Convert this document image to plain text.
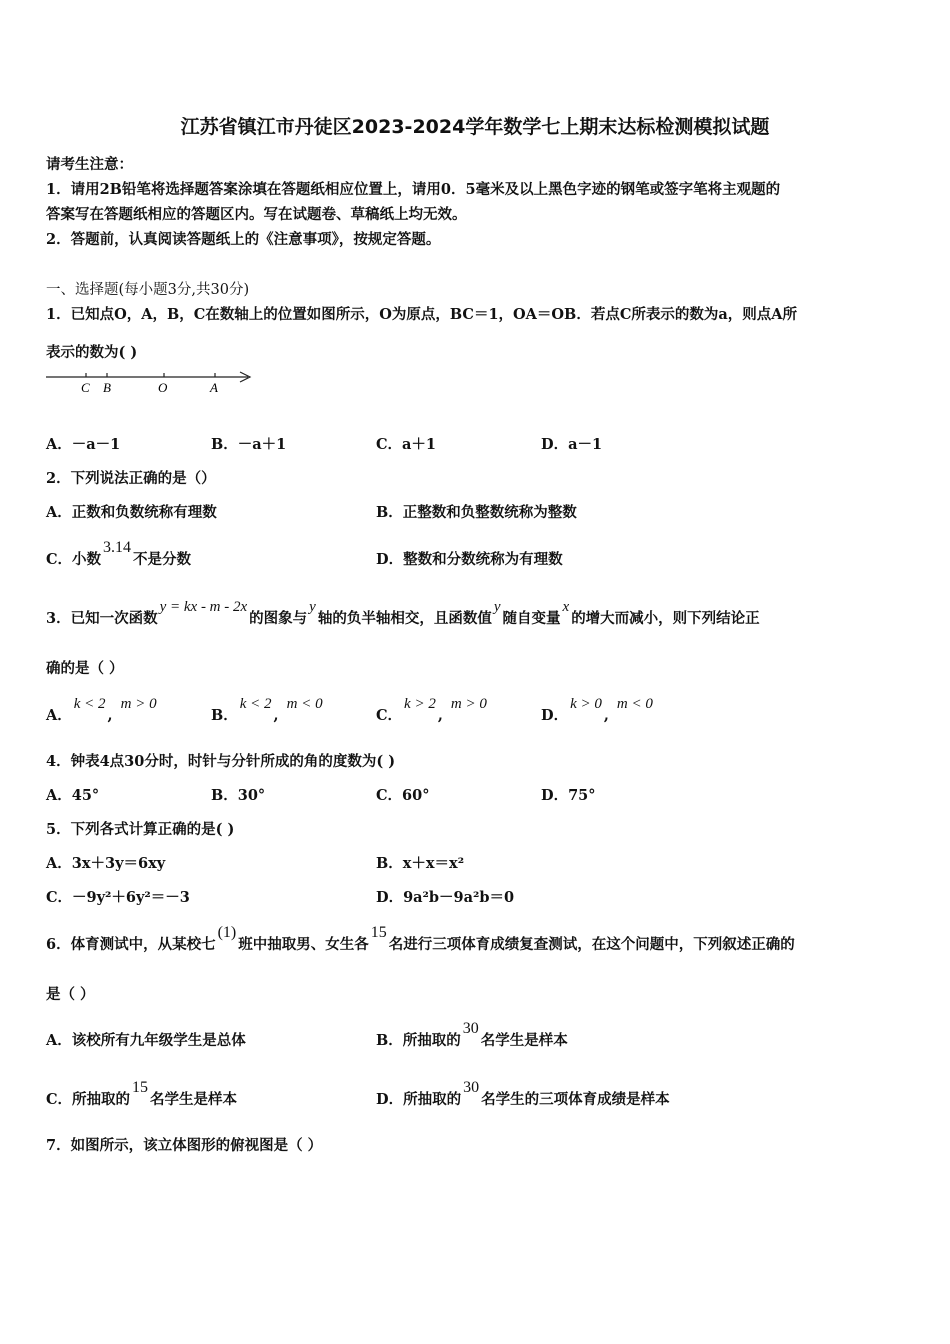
江苏省镇江市丹徒区2023-2024学年数学七上期末达标检测模拟试题
请考生注意：
1．请用2B铅笔将选择题答案涂填在答题纸相应位置上，请用0．5毫米及以上黑色字迹的钢笔或签字笔将主观题的
答案写在答题纸相应的答题区内。写在试题卷、草稿纸上均无效。
2．答题前，认真阅读答题纸上的《注意事项》，按规定答题。
一、选择题(每小题3分,共30分)
1．已知点O，A，B，C在数轴上的位置如图所示，O为原点，BC＝1，OA＝OB．若点C所表示的数为a，则点A所
表示的数为( )
C B	O	A
A．－a－1	B．－a＋1	C．a＋1	D．a－1
2．下列说法正确的是（）
A．正数和负数统称有理数	B．正整数和负整数统称为整数
C．小数3.14不是分数	D．整数和分数统称为有理数
3．已知一次函数y = kx - m - 2x的图象与y轴的负半轴相交，且函数值y随自变量x的增大而减小，则下列结论正
确的是（ ）
A．k < 2,m > 0
B．k < 2,m < 0
C．k > 2,m > 0
D．k > 0,m < 0
4．钟表4点30分时，时针与分针所成的角的度数为( )
A．45°	B．30°	C．60°	D．75°
5．下列各式计算正确的是( )
A．3x＋3y＝6xy	B．x＋x＝x²
C．－9y²＋6y²＝－3	D．9a²b－9a²b＝0
6．体育测试中，从某校七(1)班中抽取男、女生各15名进行三项体育成绩复查测试，在这个问题中，下列叙述正确的
是（ ）
A．该校所有九年级学生是总体	B．所抽取的30名学生是样本
C．所抽取的15名学生是样本	D．所抽取的30名学生的三项体育成绩是样本
7．如图所示，该立体图形的俯视图是（ ）
